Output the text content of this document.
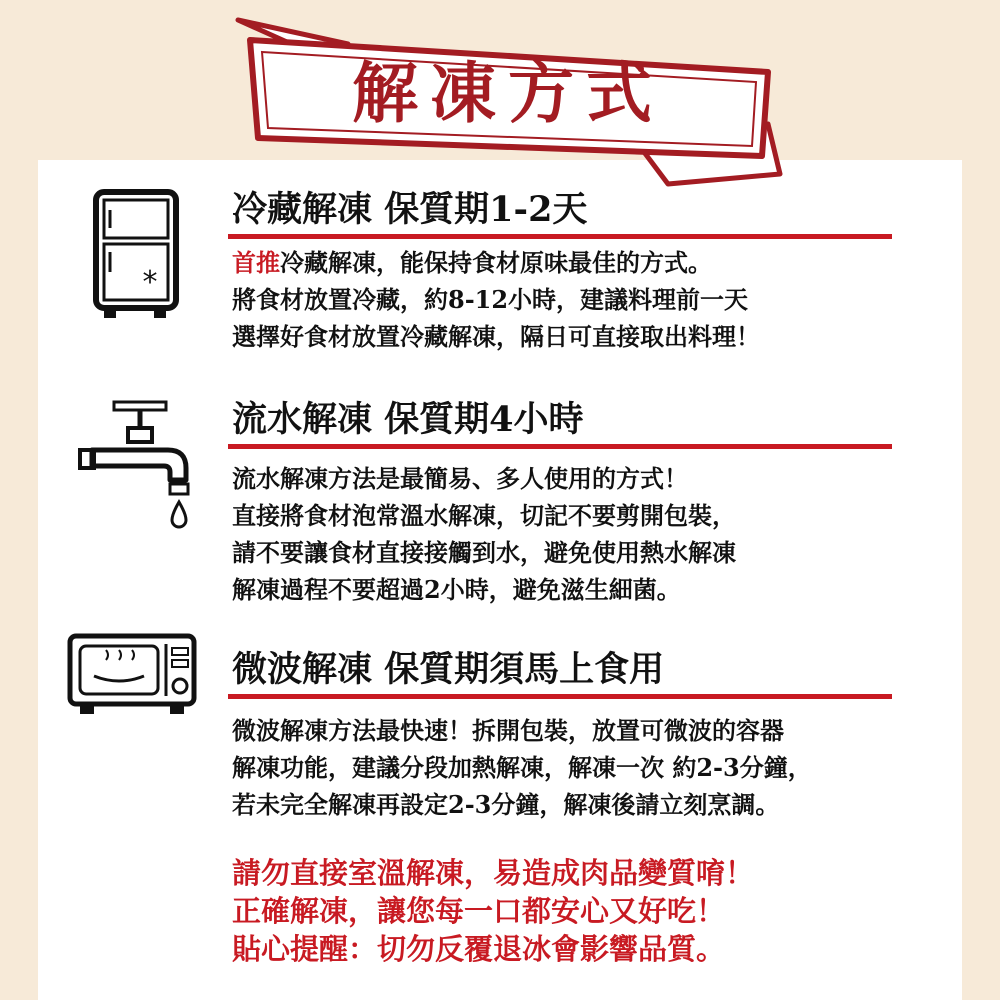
解凍方式
*
冷藏解凍 保質期1-2天
首推冷藏解凍，能保持食材原味最佳的方式。
將食材放置冷藏，約8-12小時，建議料理前一天
選擇好食材放置冷藏解凍，隔日可直接取出料理！
流水解凍 保質期4小時
流水解凍方法是最簡易、多人使用的方式！
直接將食材泡常溫水解凍，切記不要剪開包裝，
請不要讓食材直接接觸到水，避免使用熱水解凍
解凍過程不要超過2小時，避免滋生細菌。
微波解凍 保質期須馬上食用
微波解凍方法最快速！拆開包裝，放置可微波的容器
解凍功能，建議分段加熱解凍，解凍一次 約2-3分鐘，
若未完全解凍再設定2-3分鐘，解凍後請立刻烹調。
請勿直接室溫解凍，易造成肉品變質唷！
正確解凍，讓您每一口都安心又好吃！
貼心提醒：切勿反覆退冰會影響品質。
